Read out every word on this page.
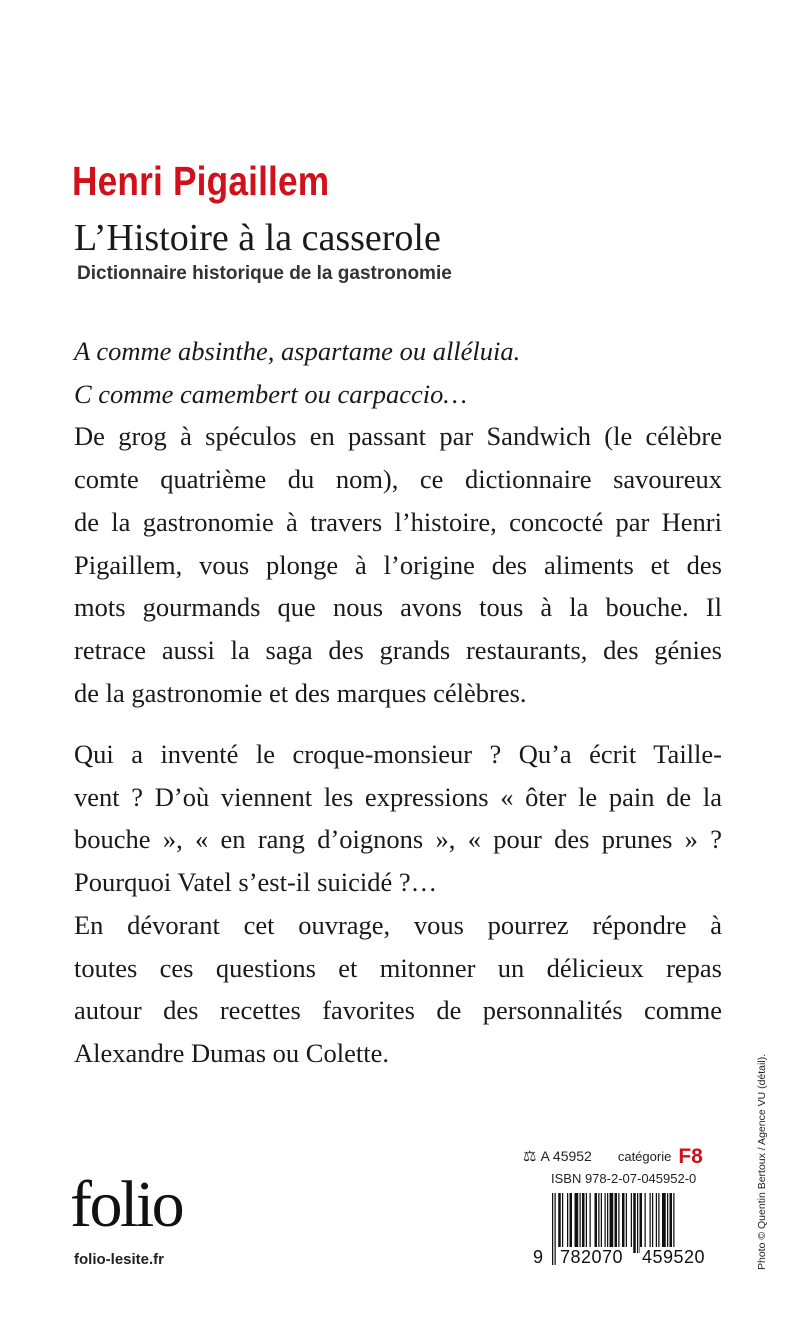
Henri Pigaillem
L’Histoire à la casserole
Dictionnaire historique de la gastronomie
A comme absinthe, aspartame ou alléluia.
C comme camembert ou carpaccio…
De grog à spéculos en passant par Sandwich (le célèbre
comte quatrième du nom), ce dictionnaire savoureux
de la gastronomie à travers l’histoire, concocté par Henri
Pigaillem, vous plonge à l’origine des aliments et des
mots gourmands que nous avons tous à la bouche. Il
retrace aussi la saga des grands restaurants, des génies
de la gastronomie et des marques célèbres.
Qui a inventé le croque-monsieur ? Qu’a écrit Taille-
vent ? D’où viennent les expressions « ôter le pain de la
bouche », « en rang d’oignons », « pour des prunes » ?
Pourquoi Vatel s’est-il suicidé ?…
En dévorant cet ouvrage, vous pourrez répondre à
toutes ces questions et mitonner un délicieux repas
autour des recettes favorites de personnalités comme
Alexandre Dumas ou Colette.
Photo © Quentin Bertoux / Agence VU (détail).
folio
folio-lesite.fr
⚖ A 45952 catégorie F8
ISBN 978-2-07-045952-0
9 782070	459520
